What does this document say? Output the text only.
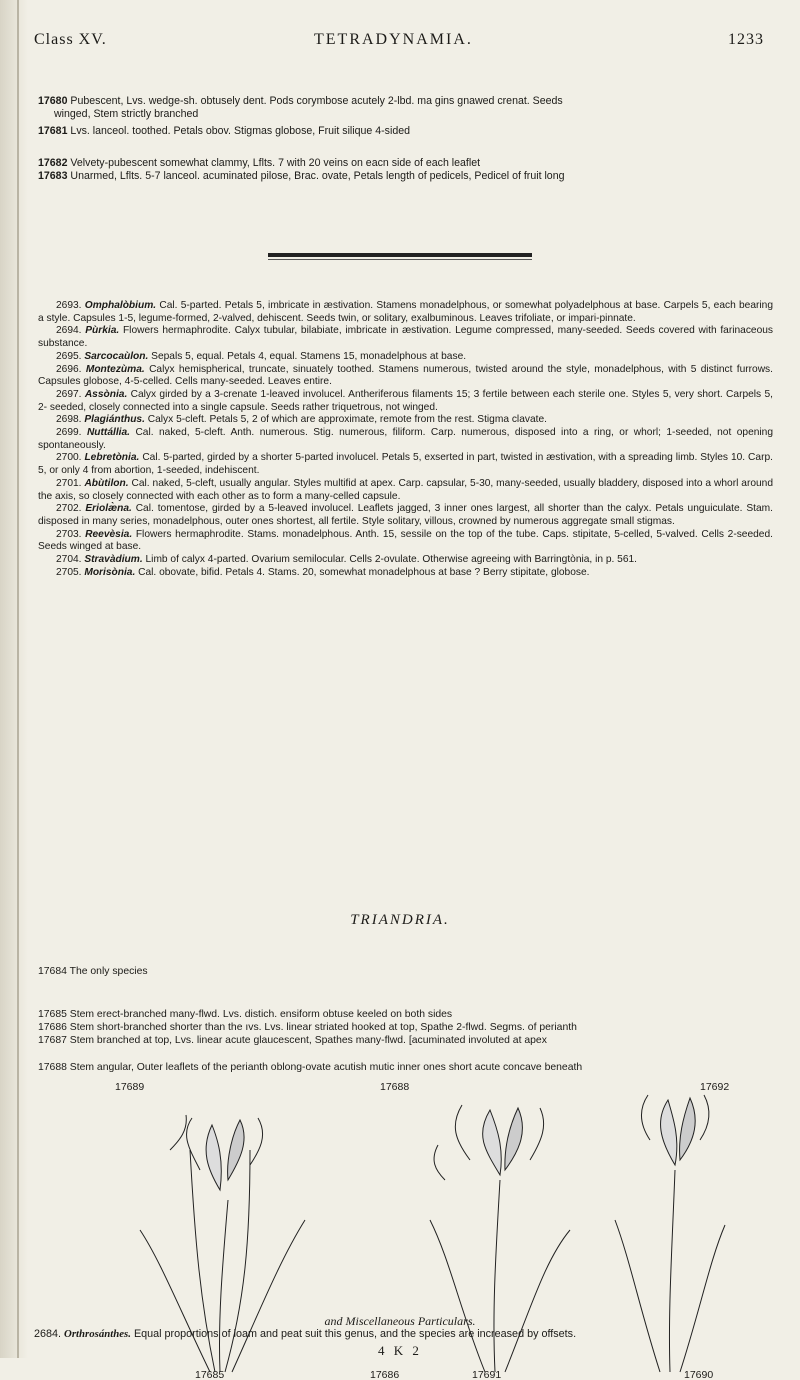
Class XV.	TETRADYNAMIA.	1233
17680 Pubescent, Lvs. wedge-sh. obtusely dent. Pods corymbose acutely 2-lbd. ma gins gnawed crenat. Seeds
winged, Stem strictly branched
17681 Lvs. lanceol. toothed. Petals obov. Stigmas globose, Fruit silique 4-sided
17682 Velvety-pubescent somewhat clammy, Lflts. 7 with 20 veins on eacn side of each leaflet
17683 Unarmed, Lflts. 5-7 lanceol. acuminated pilose, Brac. ovate, Petals length of pedicels, Pedicel of fruit long

2693. Omphalòbium. Cal. 5-parted. Petals 5, imbricate in æstivation. Stamens monadelphous, or somewhat polyadelphous at base. Carpels 5, each bearing a style. Capsules 1-5, legume-formed, 2-valved, dehiscent. Seeds twin, or solitary, exalbuminous. Leaves trifoliate, or impari-pinnate.

2694. Pùrkia. Flowers hermaphrodite. Calyx tubular, bilabiate, imbricate in æstivation. Legume compressed, many-seeded. Seeds covered with farinaceous substance.

2695. Sarcocaùlon. Sepals 5, equal. Petals 4, equal. Stamens 15, monadelphous at base.

2696. Montezùma. Calyx hemispherical, truncate, sinuately toothed. Stamens numerous, twisted around the style, monadelphous, with 5 distinct furrows. Capsules globose, 4-5-celled. Cells many-seeded. Leaves entire.

2697. Assònia. Calyx girded by a 3-crenate 1-leaved involucel. Antheriferous filaments 15; 3 fertile between each sterile one. Styles 5, very short. Carpels 5, 2- seeded, closely connected into a single capsule. Seeds rather triquetrous, not winged.

2698. Plagiánthus. Calyx 5-cleft. Petals 5, 2 of which are approximate, remote from the rest. Stigma clavate.

2699. Nuttállia. Cal. naked, 5-cleft. Anth. numerous. Stig. numerous, filiform. Carp. numerous, disposed into a ring, or whorl; 1-seeded, not opening spontaneously.

2700. Lebretònia. Cal. 5-parted, girded by a shorter 5-parted involucel. Petals 5, exserted in part, twisted in æstivation, with a spreading limb. Styles 10. Carp. 5, or only 4 from abortion, 1-seeded, indehiscent.

2701. Abùtilon. Cal. naked, 5-cleft, usually angular. Styles multifid at apex. Carp. capsular, 5-30, many-seeded, usually bladdery, disposed into a whorl around the axis, so closely connected with each other as to form a many-celled capsule.

2702. Eriolæ̀na. Cal. tomentose, girded by a 5-leaved involucel. Leaflets jagged, 3 inner ones largest, all shorter than the calyx. Petals unguiculate. Stam. disposed in many series, monadelphous, outer ones shortest, all fertile. Style solitary, villous, crowned by numerous aggregate small stigmas.

2703. Reevèsia. Flowers hermaphrodite. Stams. monadelphous. Anth. 15, sessile on the top of the tube. Caps. stipitate, 5-celled, 5-valved. Cells 2-seeded. Seeds winged at base.

2704. Stravàdium. Limb of calyx 4-parted. Ovarium semilocular. Cells 2-ovulate. Otherwise agreeing with Barringtònia, in p. 561.

2705. Morisònia. Cal. obovate, bifid. Petals 4. Stams. 20, somewhat monadelphous at base ? Berry stipitate, globose.

TRIANDRIA.
17684 The only species
17685 Stem erect-branched many-flwd. Lvs. distich. ensiform obtuse keeled on both sides
17686 Stem short-branched shorter than the ıvs. Lvs. linear striated hooked at top, Spathe 2-flwd. Segms. of perianth
17687 Stem branched at top, Lvs. linear acute glaucescent, Spathes many-flwd. [acuminated involuted at apex
17688 Stem angular, Outer leaflets of the perianth oblong-ovate acutish mutic inner ones short acute concave beneath
17689	17688	17692
17685	17686	17691	17690
and Miscellaneous Particulars.
2684. Orthrosánthes. Equal proportions of loam and peat suit this genus, and the species are increased by offsets.
4 K 2
